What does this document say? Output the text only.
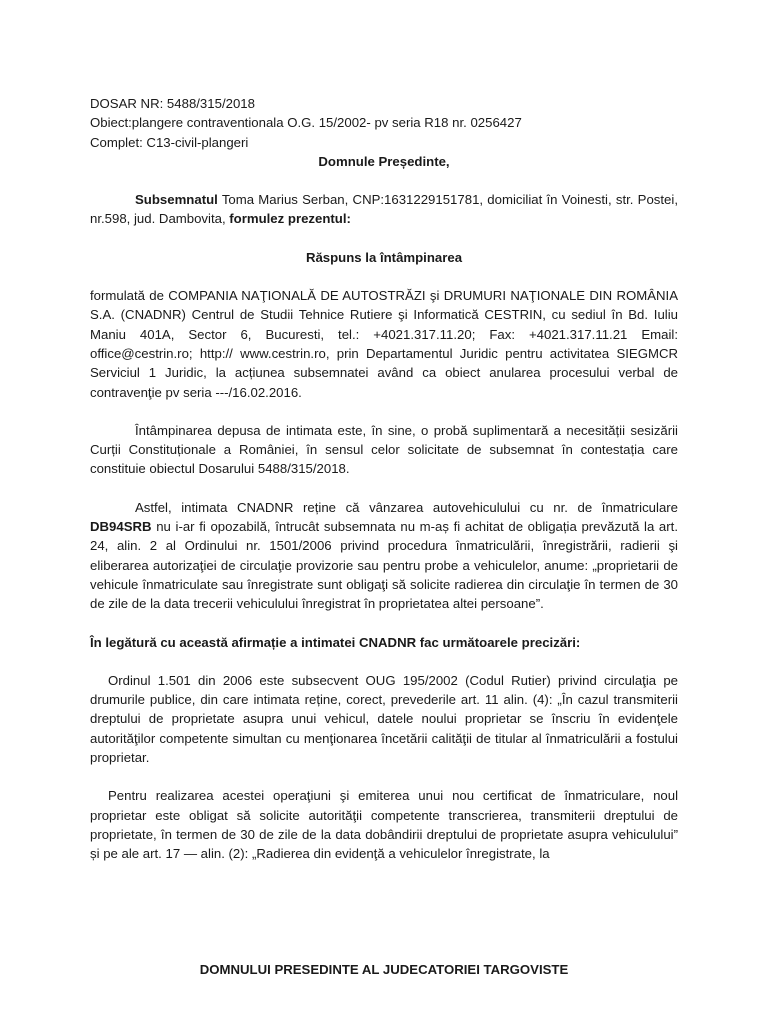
DOSAR NR: 5488/315/2018
Obiect:plangere contraventionala O.G. 15/2002- pv seria R18 nr. 0256427
Complet: C13-civil-plangeri
Domnule Președinte,
Subsemnatul Toma Marius Serban, CNP:1631229151781, domiciliat în Voinesti, str. Postei, nr.598, jud. Dambovita, formulez prezentul:
Răspuns la întâmpinarea
formulată de COMPANIA NAŢIONALĂ DE AUTOSTRĂZI şi DRUMURI NAŢIONALE DIN ROMÂNIA S.A. (CNADNR) Centrul de Studii Tehnice Rutiere şi Informatică CESTRIN, cu sediul în Bd. Iuliu Maniu 401A, Sector 6, Bucuresti, tel.: +4021.317.11.20; Fax: +4021.317.11.21 Email: office@cestrin.ro; http:// www.cestrin.ro, prin Departamentul Juridic pentru activitatea SIEGMCR Serviciul 1 Juridic, la acțiunea subsemnatei având ca obiect anularea procesului verbal de contravenţie pv seria ---/16.02.2016.
Întâmpinarea depusa de intimata este, în sine, o probă suplimentară a necesității sesizării Curții Constituționale a României, în sensul celor solicitate de subsemnat în contestația care constituie obiectul Dosarului 5488/315/2018.
Astfel, intimata CNADNR reține că vânzarea autovehiculului cu nr. de înmatriculare DB94SRB nu i-ar fi opozabilă, întrucât subsemnata nu m-aș fi achitat de obligația prevăzută la art. 24, alin. 2 al Ordinului nr. 1501/2006 privind procedura înmatriculării, înregistrării, radierii şi eliberarea autorizaţiei de circulaţie provizorie sau pentru probe a vehiculelor, anume: „proprietarii de vehicule înmatriculate sau înregistrate sunt obligaţi să solicite radierea din circulaţie în termen de 30 de zile de la data trecerii vehiculului înregistrat în proprietatea altei persoane”.
În legătură cu această afirmație a intimatei CNADNR fac următoarele precizări:
Ordinul 1.501 din 2006 este subsecvent OUG 195/2002 (Codul Rutier) privind circulaţia pe drumurile publice, din care intimata reține, corect, prevederile art. 11 alin. (4): „În cazul transmiterii dreptului de proprietate asupra unui vehicul, datele noului proprietar se înscriu în evidenţele autorităţilor competente simultan cu menţionarea încetării calităţii de titular al înmatriculării a fostului proprietar.
Pentru realizarea acestei operaţiuni şi emiterea unui nou certificat de înmatriculare, noul proprietar este obligat să solicite autorităţii competente transcrierea, transmiterii dreptului de proprietate, în termen de 30 de zile de la data dobândirii dreptului de proprietate asupra vehiculului” și pe ale art. 17 — alin. (2): „Radierea din evidenţă a vehiculelor înregistrate, la
DOMNULUI PRESEDINTE AL JUDECATORIEI TARGOVISTE
